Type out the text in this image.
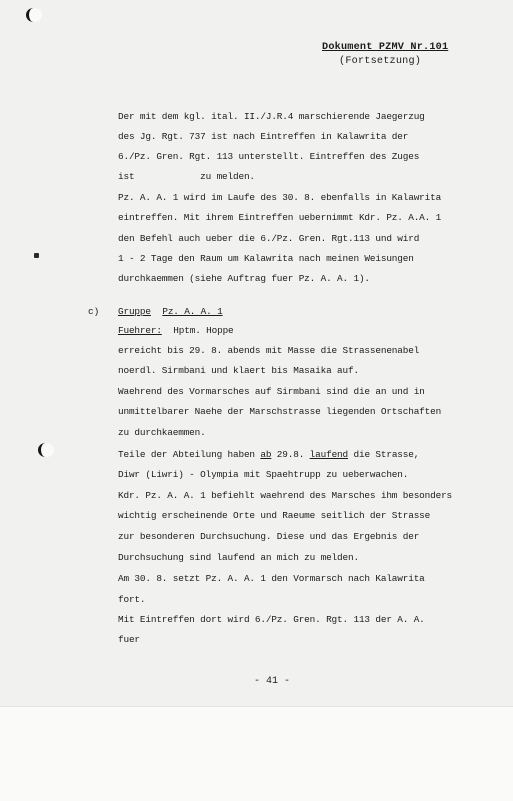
Dokument PZMV Nr.101
(Fortsetzung)
Der mit dem kgl. ital. II./J.R.4 marschierende Jaegerzug
des Jg. Rgt. 737 ist nach Eintreffen in Kalawrita der
6./Pz. Gren. Rgt. 113 unterstellt. Eintreffen des Zuges
ist            zu melden.
Pz. A. A. 1 wird im Laufe des 30. 8. ebenfalls in Kalawrita
eintreffen. Mit ihrem Eintreffen uebernimmt Kdr. Pz. A.A. 1
den Befehl auch ueber die 6./Pz. Gren. Rgt.113 und wird
1 - 2 Tage den Raum um Kalawrita nach meinen Weisungen
durchkaemmen (siehe Auftrag fuer Pz. A. A. 1).
c) Gruppe Pz. A. A. 1
Fuehrer: Hptm. Hoppe
erreicht bis 29. 8. abends mit Masse die Strassenenabel
noerdl. Sirmbani und klaert bis Masaika auf.
Waehrend des Vormarsches auf Sirmbani sind die an und in
unmittelbarer Naehe der Marschstrasse liegenden Ortschaften
zu durchkaemmen.
Teile der Abteilung haben ab 29.8. laufend die Strasse,
Diwr (Liwri) - Olympia mit Spaehtrupp zu ueberwachen.
Kdr. Pz. A. A. 1 befiehlt waehrend des Marsches ihm besonders
wichtig erscheinende Orte und Raeume seitlich der Strasse
zur besonderen Durchsuchung. Diese und das Ergebnis der
Durchsuchung sind laufend an mich zu melden.
Am 30. 8. setzt Pz. A. A. 1 den Vormarsch nach Kalawrita
fort.
Mit Eintreffen dort wird 6./Pz. Gren. Rgt. 113 der A. A.
fuer
- 41 -
